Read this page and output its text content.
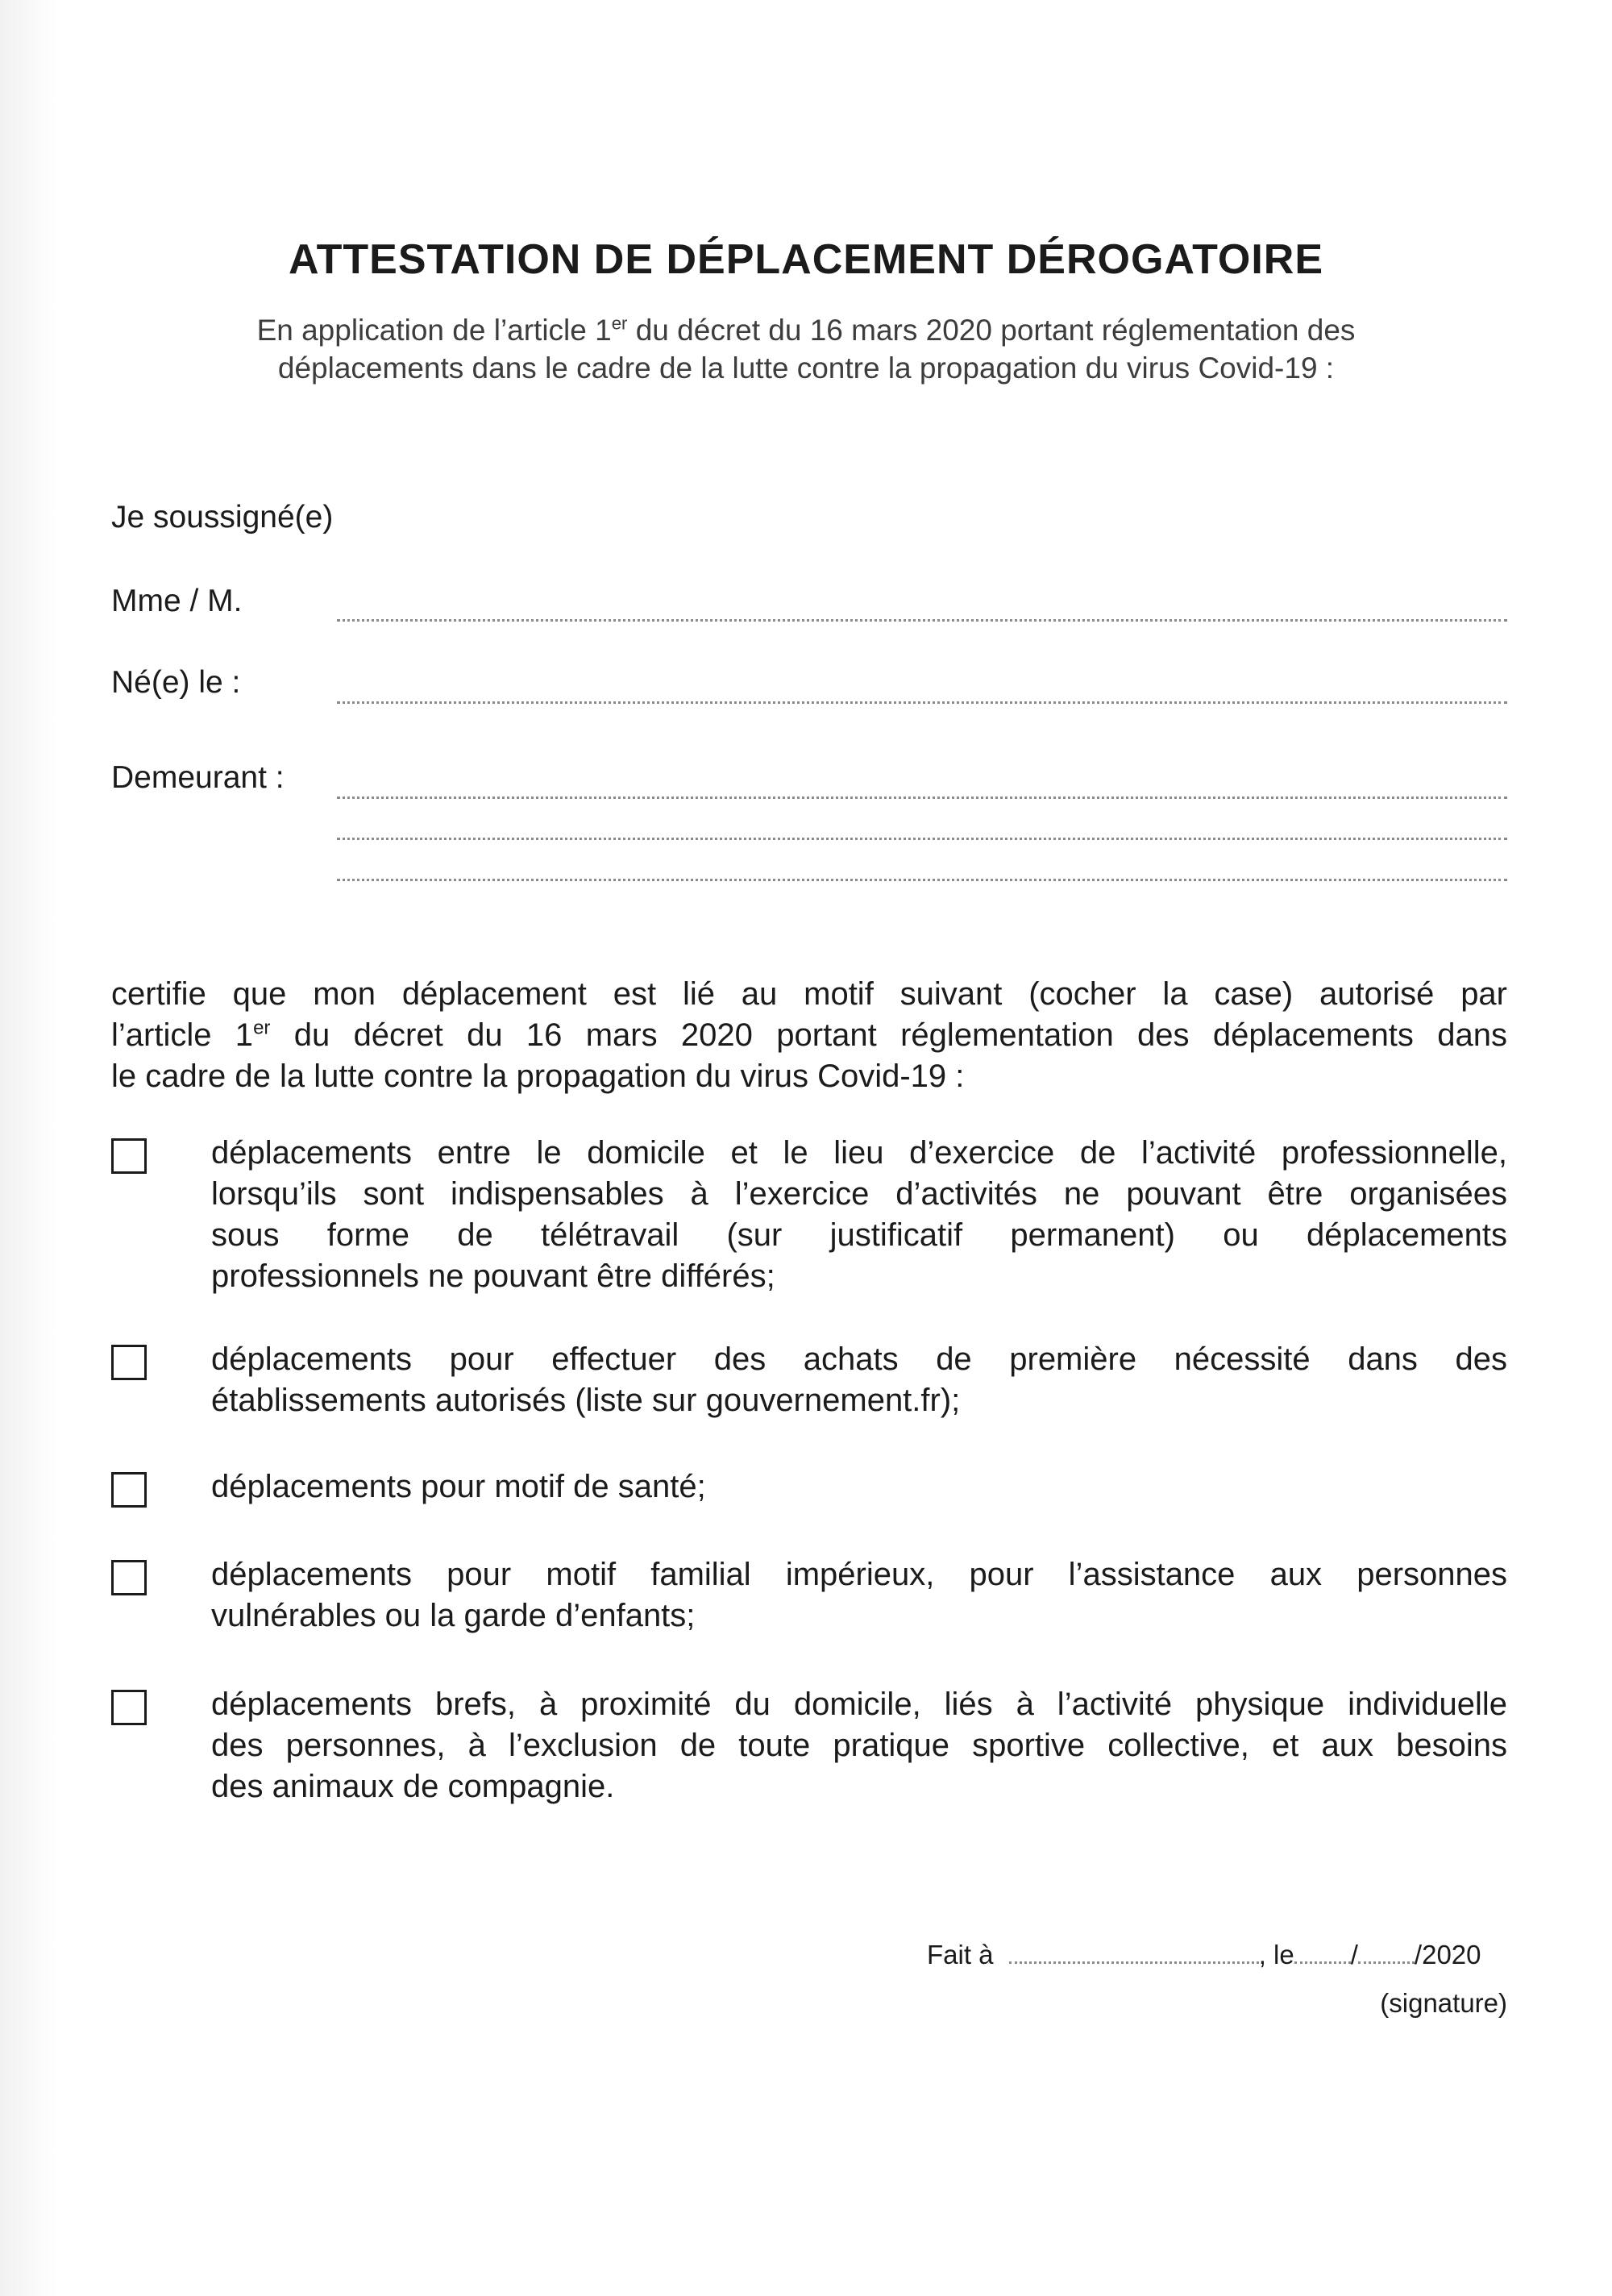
ATTESTATION DE DÉPLACEMENT DÉROGATOIRE
En application de l’article 1er du décret du 16 mars 2020 portant réglementation des
déplacements dans le cadre de la lutte contre la propagation du virus Covid-19 :
Je soussigné(e)
Mme / M.
Né(e) le :
Demeurant :
certifie que mon déplacement est lié au motif suivant (cocher la case) autorisé par
l’article 1er du décret du 16 mars 2020 portant réglementation des déplacements dans
le cadre de la lutte contre la propagation du virus Covid-19 :
déplacements entre le domicile et le lieu d’exercice de l’activité professionnelle,
lorsqu’ils sont indispensables à l’exercice d’activités ne pouvant être organisées
sous forme de télétravail (sur justificatif permanent) ou déplacements
professionnels ne pouvant être différés;
déplacements pour effectuer des achats de première nécessité dans des
établissements autorisés (liste sur gouvernement.fr);
déplacements pour motif de santé;
déplacements pour motif familial impérieux, pour l’assistance aux personnes
vulnérables ou la garde d’enfants;
déplacements brefs, à proximité du domicile, liés à l’activité physique individuelle
des personnes, à l’exclusion de toute pratique sportive collective, et aux besoins
des animaux de compagnie.
Fait à	, le / /2020
(signature)
